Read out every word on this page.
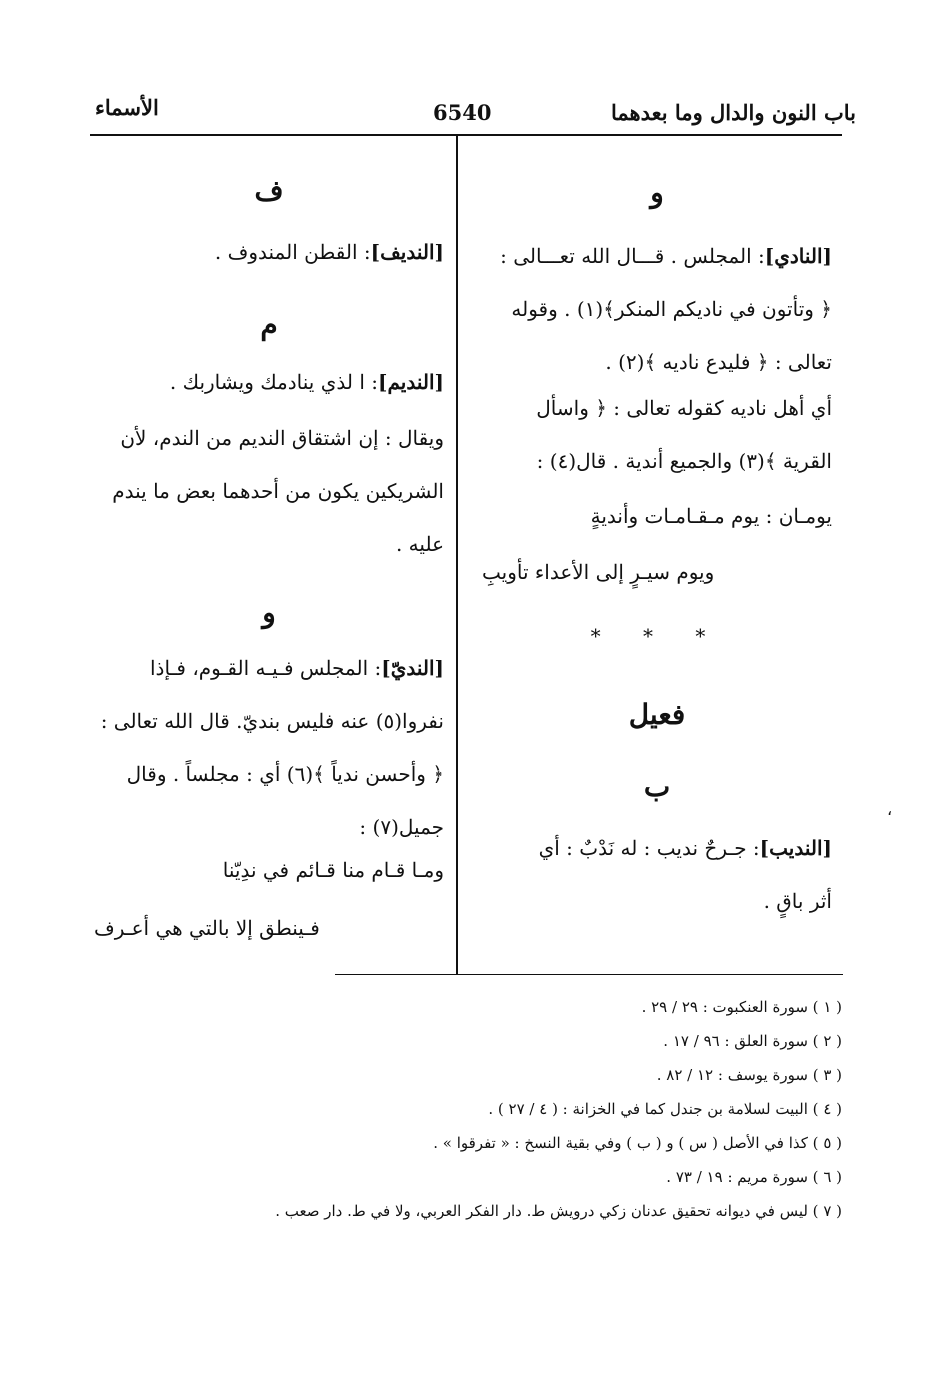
باب النون والدال وما بعدهما
6540
الأسماء
و
[النادي]: المجلس . قـــال الله تعـــالى :
﴿ وتأتون في ناديكم المنكر﴾(١) . وقوله
تعالى : ﴿ فليدع ناديه ﴾(٢) .
أي أهل ناديه كقوله تعالى : ﴿ واسأل
القرية ﴾(٣) والجميع أندية . قال(٤) :
يومـان : يوم مـقـامـات وأنديةٍ
ويوم سيـرٍ إلى الأعداء تأويبِ
* * *
فعيل
ب
[النديب]: جـرحٌ نديب : له نَدْبٌ : أي
أثر باقٍ .
ف
[النديف]: القطن المندوف .
م
[النديم]: ا لذي ينادمك ويشاربك .
ويقال : إن اشتقاق النديم من الندم، لأن
الشريكين يكون من أحدهما بعض ما يندم
عليه .
و
[النديّ]: المجلس فـيـه القـوم، فـإذا
نفروا(٥) عنه فليس بنديّ. قال الله تعالى :
﴿ وأحسن ندياً ﴾(٦) أي : مجلساً . وقال
جميل(٧) :
ومـا قـام منا قـائم في ندِيّنا
فـينطق إلا بالتي هي أعـرف
( ١ ) سورة العنكبوت : ٢٩ / ٢٩ .
( ٢ ) سورة العلق : ٩٦ / ١٧ .
( ٣ ) سورة يوسف : ١٢ / ٨٢ .
( ٤ ) البيت لسلامة بن جندل كما في الخزانة : ( ٤ / ٢٧ ) .
( ٥ ) كذا في الأصل ( س ) و ( ب ) وفي بقية النسخ : « تفرقوا » .
( ٦ ) سورة مريم : ١٩ / ٧٣ .
( ٧ ) ليس في ديوانه تحقيق عدنان زكي درويش ط. دار الفكر العربي، ولا في ط. دار صعب .
،
